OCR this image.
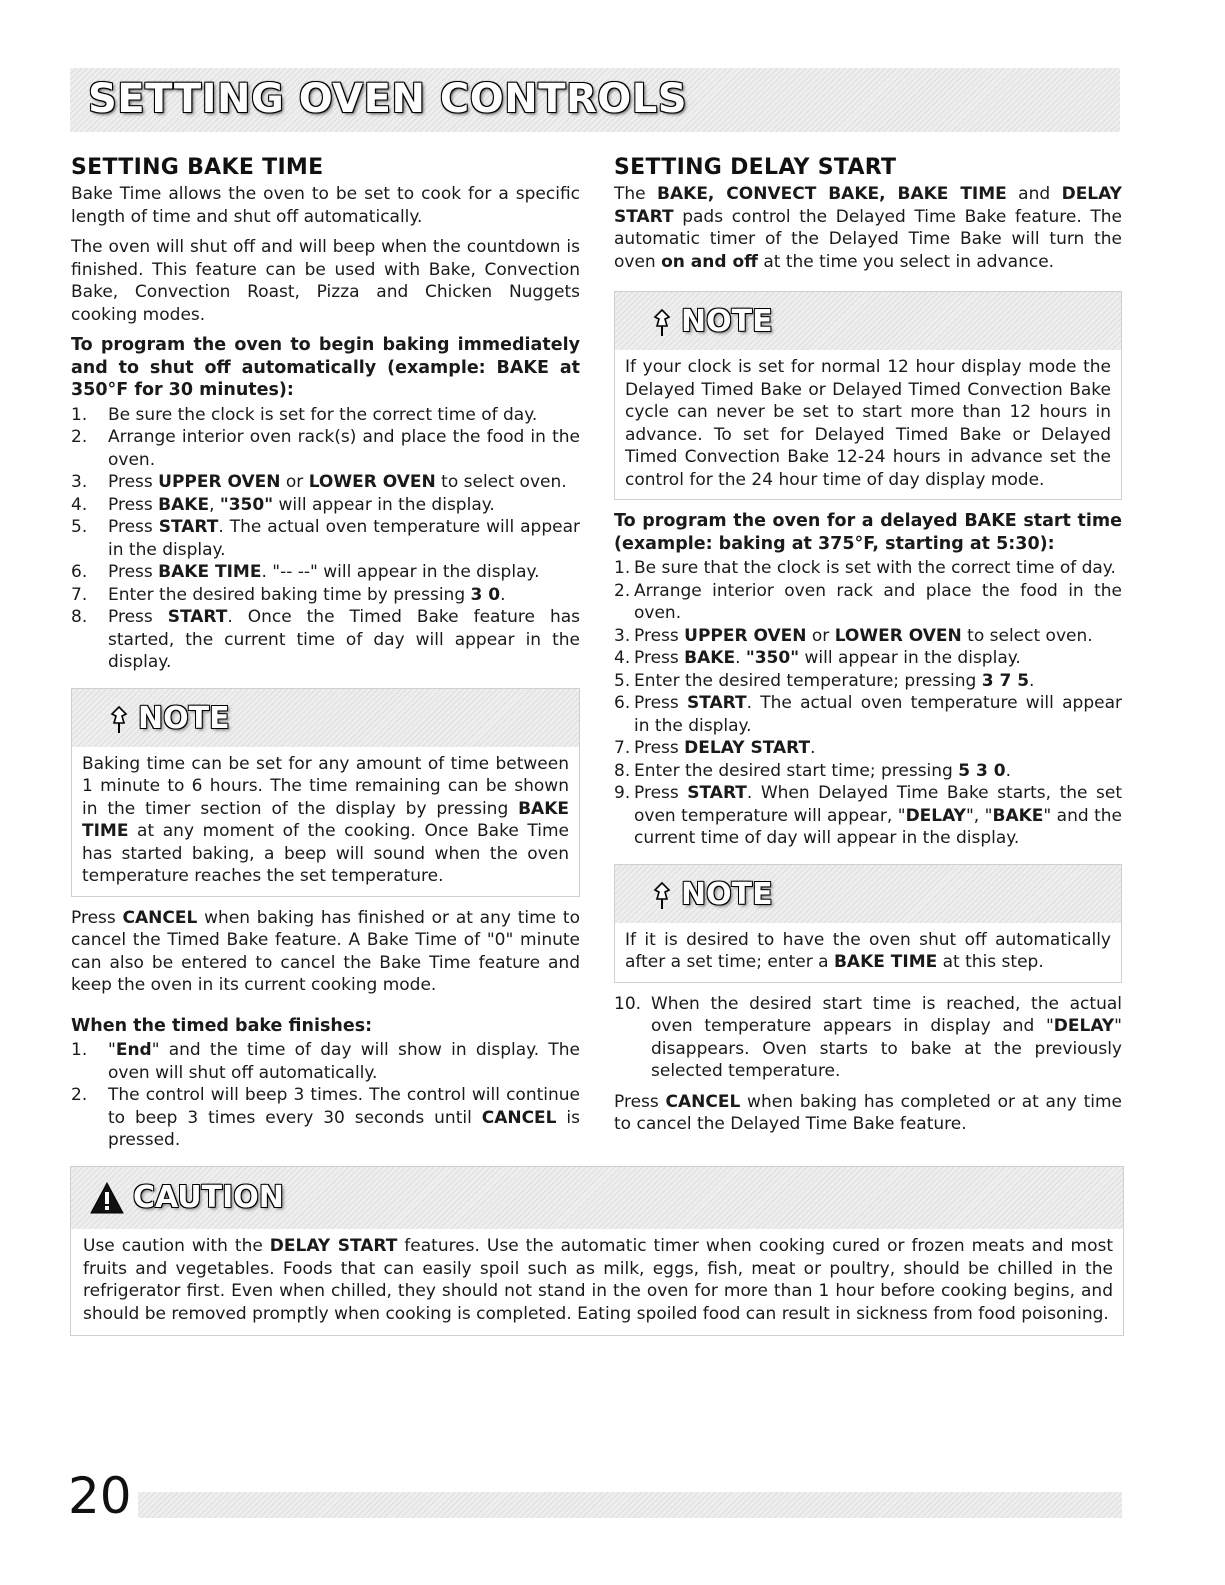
SETTING OVEN CONTROLS
SETTING BAKE TIME

Bake Time allows the oven to be set to cook for a specific length of time and shut off automatically.

The oven will shut off and will beep when the countdown is finished. This feature can be used with Bake, Convection Bake, Convection Roast, Pizza and Chicken Nuggets cooking modes.

To program the oven to begin baking immediately and to shut off automatically (example: BAKE at 350°F for 30 minutes):

1. Be sure the clock is set for the correct time of day.
2. Arrange interior oven rack(s) and place the food in the oven.
3. Press UPPER OVEN or LOWER OVEN to select oven.
4. Press BAKE, "350" will appear in the display.
5. Press START. The actual oven temperature will appear in the display.
6. Press BAKE TIME. "-- --" will appear in the display.
7. Enter the desired baking time by pressing 3 0.
8. Press START. Once the Timed Bake feature has started, the current time of day will appear in the display.
NOTE
Baking time can be set for any amount of time between 1 minute to 6 hours. The time remaining can be shown in the timer section of the display by pressing BAKE TIME at any moment of the cooking. Once Bake Time has started baking, a beep will sound when the oven temperature reaches the set temperature.

Press CANCEL when baking has finished or at any time to cancel the Timed Bake feature. A Bake Time of "0" minute can also be entered to cancel the Bake Time feature and keep the oven in its current cooking mode.

When the timed bake finishes:

1. "End" and the time of day will show in display. The oven will shut off automatically.
2. The control will beep 3 times. The control will continue to beep 3 times every 30 seconds until CANCEL is pressed.
SETTING DELAY START

The BAKE, CONVECT BAKE, BAKE TIME and DELAY START pads control the Delayed Time Bake feature. The automatic timer of the Delayed Time Bake will turn the oven on and off at the time you select in advance.

NOTE
If your clock is set for normal 12 hour display mode the Delayed Timed Bake or Delayed Timed Convection Bake cycle can never be set to start more than 12 hours in advance. To set for Delayed Timed Bake or Delayed Timed Convection Bake 12-24 hours in advance set the control for the 24 hour time of day display mode.

To program the oven for a delayed BAKE start time (example: baking at 375°F, starting at 5:30):

1. Be sure that the clock is set with the correct time of day.
2. Arrange interior oven rack and place the food in the oven.
3. Press UPPER OVEN or LOWER OVEN to select oven.
4. Press BAKE. "350" will appear in the display.
5. Enter the desired temperature; pressing 3 7 5.
6. Press START. The actual oven temperature will appear in the display.
7. Press DELAY START.
8. Enter the desired start time; pressing 5 3 0.
9. Press START. When Delayed Time Bake starts, the set oven temperature will appear, "DELAY", "BAKE" and the current time of day will appear in the display.
NOTE
If it is desired to have the oven shut off automatically after a set time; enter a BAKE TIME at this step.
10. When the desired start time is reached, the actual oven temperature appears in display and "DELAY" disappears. Oven starts to bake at the previously selected temperature.

Press CANCEL when baking has completed or at any time to cancel the Delayed Time Bake feature.

CAUTION
Use caution with the DELAY START features. Use the automatic timer when cooking cured or frozen meats and most fruits and vegetables. Foods that can easily spoil such as milk, eggs, fish, meat or poultry, should be chilled in the refrigerator first. Even when chilled, they should not stand in the oven for more than 1 hour before cooking begins, and should be removed promptly when cooking is completed. Eating spoiled food can result in sickness from food poisoning.
20
